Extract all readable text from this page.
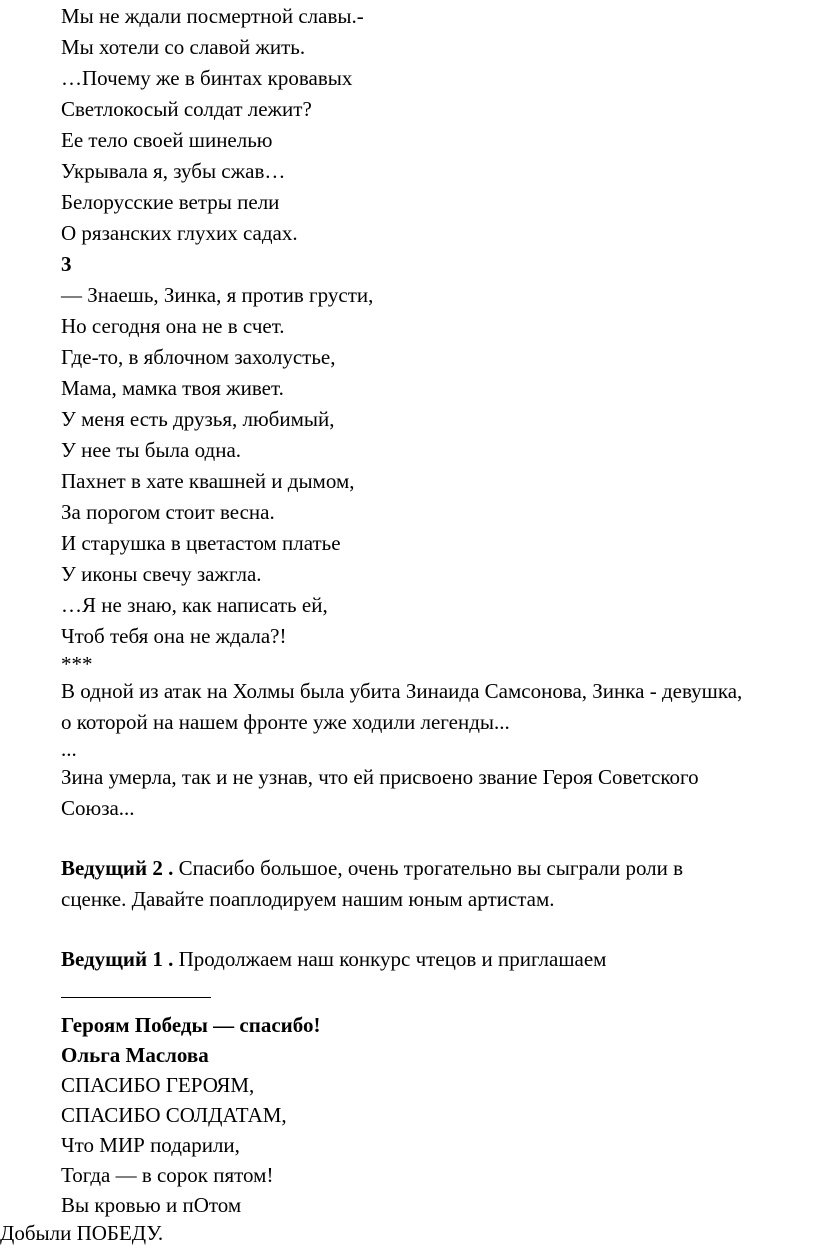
Мы не ждали посмертной славы.-
Мы хотели со славой жить.
…Почему же в бинтах кровавых
Светлокосый солдат лежит?
Ее тело своей шинелью
Укрывала я, зубы сжав…
Белорусские ветры пели
О рязанских глухих садах.
3
— Знаешь, Зинка, я против грусти,
Но сегодня она не в счет.
Где-то, в яблочном захолустье,
Мама, мамка твоя живет.
У меня есть друзья, любимый,
У нее ты была одна.
Пахнет в хате квашней и дымом,
За порогом стоит весна.
И старушка в цветастом платье
У иконы свечу зажгла.
…Я не знаю, как написать ей,
Чтоб тебя она не ждала?!
***
В одной из атак на Холмы была убита Зинаида Самсонова, Зинка - девушка,
о которой на нашем фронте уже ходили легенды...
...
Зина умерла, так и не узнав, что ей присвоено звание Героя Советского
Союза...
Ведущий 2 . Спасибо большое, очень трогательно вы сыграли роли в
сценке. Давайте поаплодируем нашим юным артистам.
Ведущий 1 . Продолжаем наш конкурс чтецов и приглашаем
Героям Победы — спасибо!
Ольга Маслова
СПАСИБО ГЕРОЯМ,
СПАСИБО СОЛДАТАМ,
Что МИР подарили,
Тогда — в сорок пятом!
Вы кровью и пОтом
Добыли ПОБЕДУ.
